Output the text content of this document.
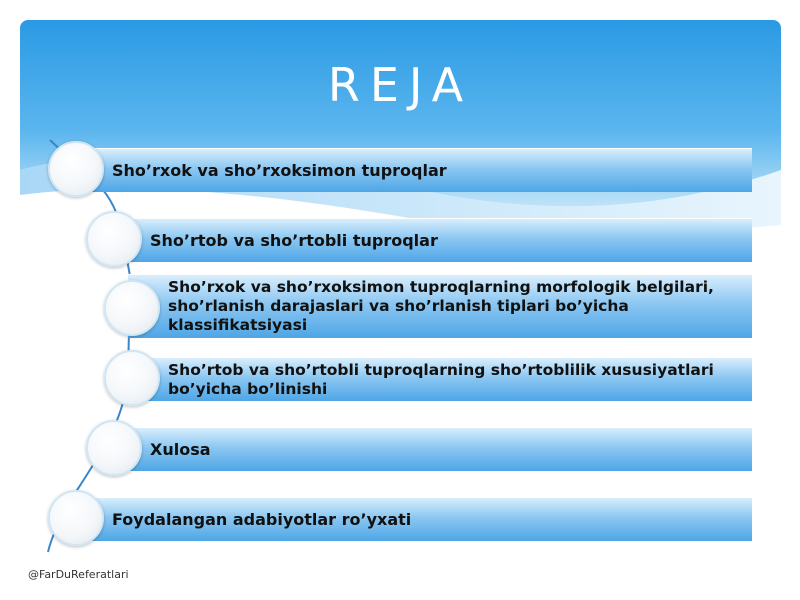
REJA
Sho’rxok va sho’rxoksimon tuproqlar
Sho’rtob va sho’rtobli tuproqlar
Sho’rxok va sho’rxoksimon tuproqlarning morfologik belgilari, sho’rlanish darajaslari va sho’rlanish tiplari bo’yicha klassifikatsiyasi
Sho’rtob va sho’rtobli tuproqlarning sho’rtoblilik xususiyatlari bo’yicha bo’linishi
Xulosa
Foydalangan adabiyotlar ro’yxati
@FarDuReferatlari
